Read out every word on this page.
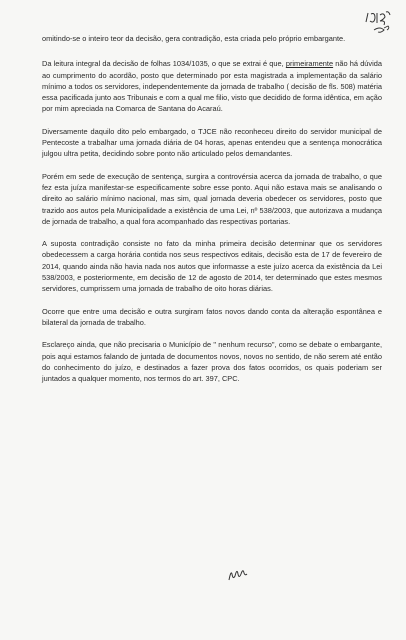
omitindo-se o inteiro teor da decisão, gera contradição, esta criada pelo próprio embargante.

Da leitura integral da decisão de folhas 1034/1035, o que se extrai é que, primeiramente não há dúvida ao cumprimento do acordão, posto que determinado por esta magistrada a implementação da salário mínimo a todos os servidores, independentemente da jornada de trabalho ( decisão de fls. 508) matéria essa pacificada junto aos Tribunais e com a qual me filio, visto que decidido de forma idêntica, em ação por mim apreciada na Comarca de Santana do Acaraú.

Diversamente daquilo dito pelo embargado, o TJCE não reconheceu direito do servidor municipal de Pentecoste a trabalhar uma jornada diária de 04 horas, apenas entendeu que a sentença monocrática julgou ultra petita, decidindo sobre ponto não articulado pelos demandantes.

Porém em sede de execução de sentença, surgira a controvérsia acerca da jornada de trabalho, o que fez esta juíza manifestar-se especificamente sobre esse ponto. Aqui não estava mais se analisando o direito ao salário mínimo nacional, mas sim, qual jornada deveria obedecer os servidores, posto que trazido aos autos pela Municipalidade a existência de uma Lei, nº 538/2003, que autorizava a mudança de jornada de trabalho, a qual fora acompanhado das respectivas portarias.

A suposta contradição consiste no fato da minha primeira decisão determinar que os servidores obedecessem a carga horária contida nos seus respectivos editais, decisão esta de 17 de fevereiro de 2014, quando ainda não havia nada nos autos que informasse a este juízo acerca da existência da Lei 538/2003, e posteriormente, em decisão de 12 de agosto de 2014, ter determinado que estes mesmos servidores, cumprissem uma jornada de trabalho de oito horas diárias.

Ocorre que entre uma decisão e outra surgiram fatos novos dando conta da alteração espontânea e bilateral da jornada de trabalho.

Esclareço ainda, que não precisaria o Município de " nenhum recurso", como se debate o embargante, pois aqui estamos falando de juntada de documentos novos, novos no sentido, de não serem até então do conhecimento do juízo, e destinados a fazer prova dos fatos ocorridos, os quais poderiam ser juntados a qualquer momento, nos termos do art. 397, CPC.
